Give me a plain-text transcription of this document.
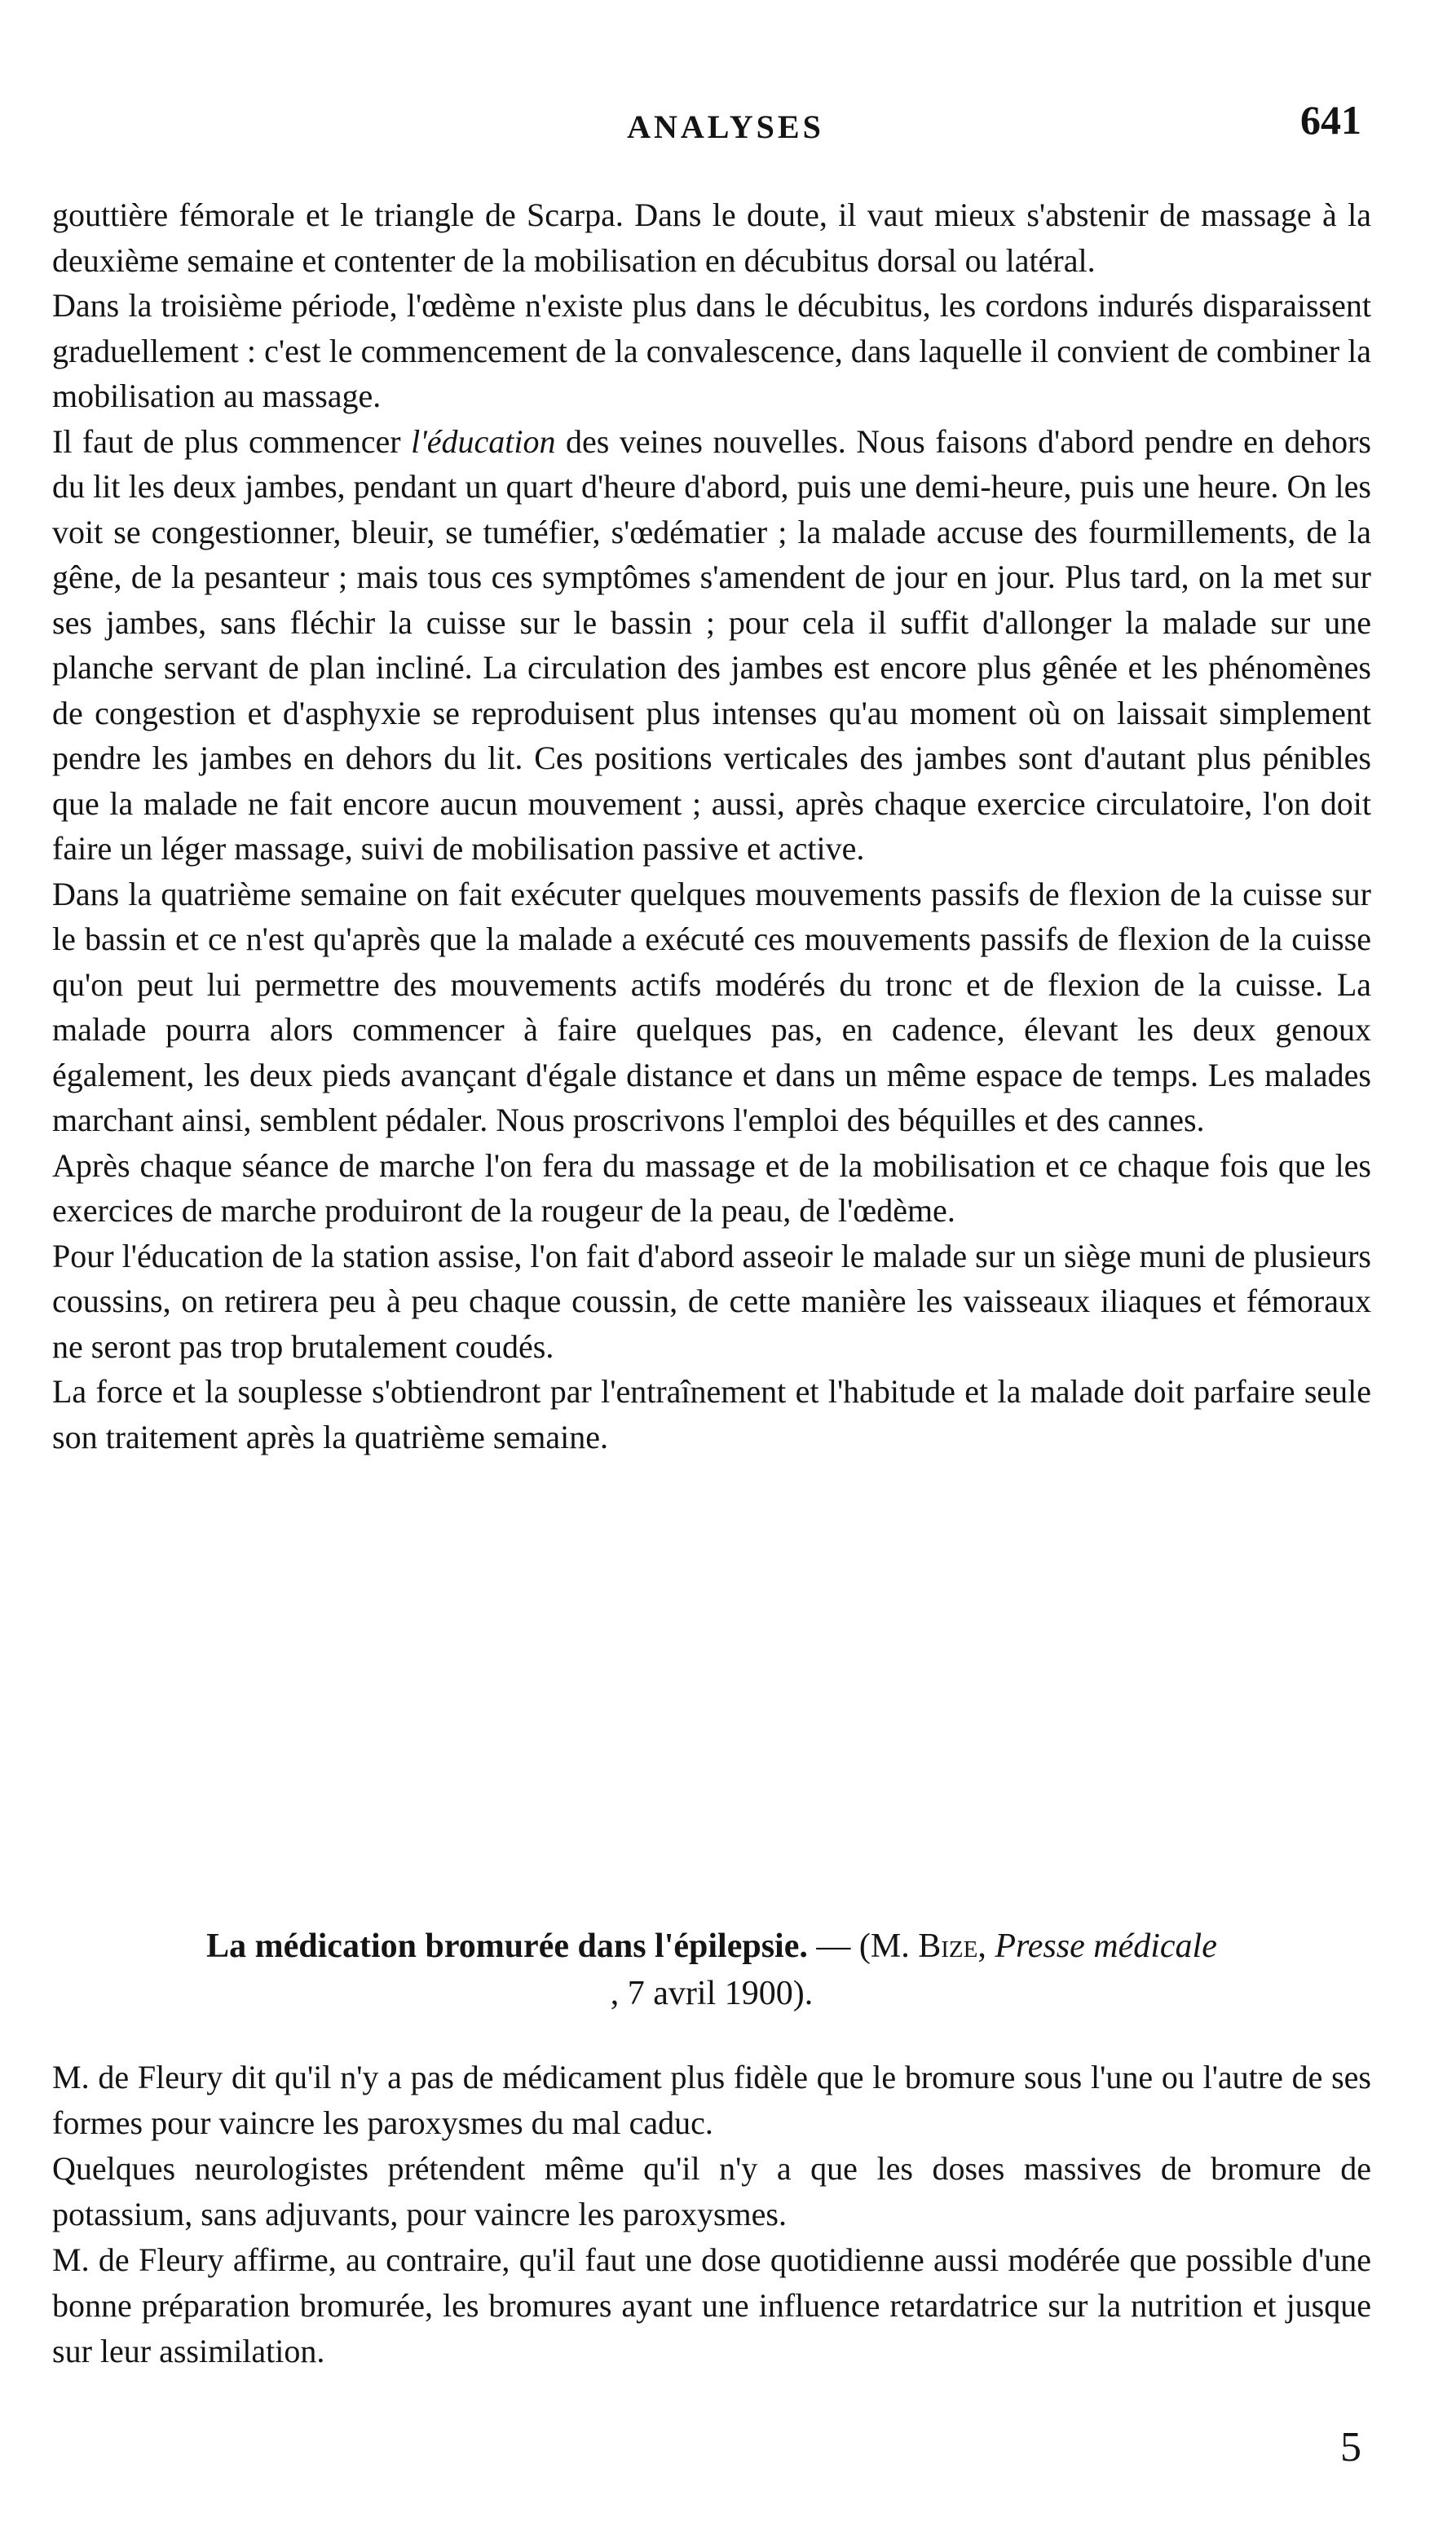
ANALYSES	641

gouttière fémorale et le triangle de Scarpa. Dans le doute, il vaut mieux s'abstenir de massage à la deuxième semaine et contenter de la mobilisation en décubitus dorsal ou latéral.

Dans la troisième période, l'œdème n'existe plus dans le décubitus, les cordons indurés disparaissent graduellement : c'est le commencement de la convalescence, dans laquelle il convient de combiner la mobilisation au massage.

Il faut de plus commencer l'éducation des veines nouvelles. Nous faisons d'abord pendre en dehors du lit les deux jambes, pendant un quart d'heure d'abord, puis une demi-heure, puis une heure. On les voit se congestionner, bleuir, se tuméfier, s'œdématier ; la malade accuse des fourmillements, de la gêne, de la pesanteur ; mais tous ces symptômes s'amendent de jour en jour. Plus tard, on la met sur ses jambes, sans fléchir la cuisse sur le bassin ; pour cela il suffit d'allonger la malade sur une planche servant de plan incliné. La circulation des jambes est encore plus gênée et les phénomènes de congestion et d'asphyxie se reproduisent plus intenses qu'au moment où on laissait simplement pendre les jambes en dehors du lit. Ces positions verticales des jambes sont d'autant plus pénibles que la malade ne fait encore aucun mouvement ; aussi, après chaque exercice circulatoire, l'on doit faire un léger massage, suivi de mobilisation passive et active.

Dans la quatrième semaine on fait exécuter quelques mouvements passifs de flexion de la cuisse sur le bassin et ce n'est qu'après que la malade a exécuté ces mouvements passifs de flexion de la cuisse qu'on peut lui permettre des mouvements actifs modérés du tronc et de flexion de la cuisse. La malade pourra alors commencer à faire quelques pas, en cadence, élevant les deux genoux également, les deux pieds avançant d'égale distance et dans un même espace de temps. Les malades marchant ainsi, semblent pédaler. Nous proscrivons l'emploi des béquilles et des cannes.

Après chaque séance de marche l'on fera du massage et de la mobilisation et ce chaque fois que les exercices de marche produiront de la rougeur de la peau, de l'œdème.

Pour l'éducation de la station assise, l'on fait d'abord asseoir le malade sur un siège muni de plusieurs coussins, on retirera peu à peu chaque coussin, de cette manière les vaisseaux iliaques et fémoraux ne seront pas trop brutalement coudés.

La force et la souplesse s'obtiendront par l'entraînement et l'habitude et la malade doit parfaire seule son traitement après la quatrième semaine.

La médication bromurée dans l'épilepsie. — (M. Bize, Presse médicale
, 7 avril 1900).

M. de Fleury dit qu'il n'y a pas de médicament plus fidèle que le bromure sous l'une ou l'autre de ses formes pour vaincre les paroxysmes du mal caduc.

Quelques neurologistes prétendent même qu'il n'y a que les doses massives de bromure de potassium, sans adjuvants, pour vaincre les paroxysmes.

M. de Fleury affirme, au contraire, qu'il faut une dose quotidienne aussi modérée que possible d'une bonne préparation bromurée, les bromures ayant une influence retardatrice sur la nutrition et jusque sur leur assimilation.

5
